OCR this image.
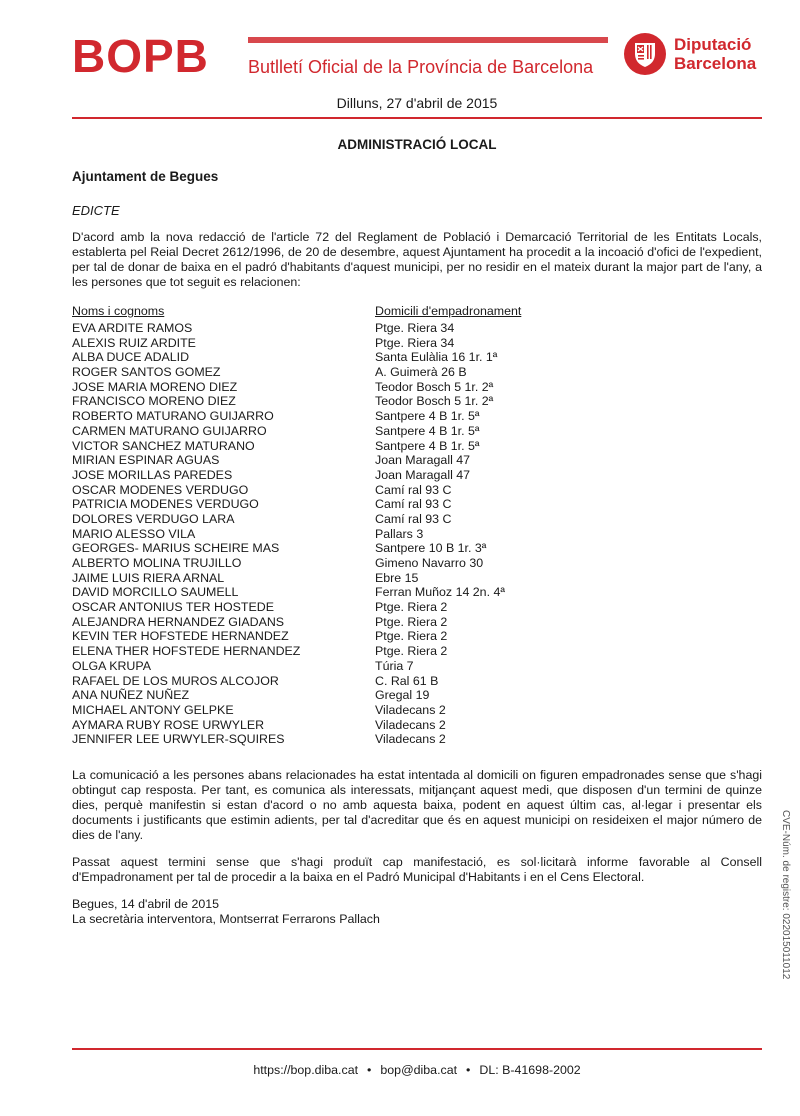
BOPB Butlletí Oficial de la Província de Barcelona
Diputació
Barcelona
Dilluns, 27 d'abril de 2015
ADMINISTRACIÓ LOCAL
Ajuntament de Begues
EDICTE
D'acord amb la nova redacció de l'article 72 del Reglament de Població i Demarcació Territorial de les Entitats Locals, establerta pel Reial Decret 2612/1996, de 20 de desembre, aquest Ajuntament ha procedit a la incoació d'ofici de l'expedient, per tal de donar de baixa en el padró d'habitants d'aquest municipi, per no residir en el mateix durant la major part de l'any, a les persones que tot seguit es relacionen:
Noms i cognoms	Domicili d'empadronament
EVA ARDITE RAMOS	Ptge. Riera 34
ALEXIS RUIZ ARDITE	Ptge. Riera 34
ALBA DUCE ADALID	Santa Eulàlia 16 1r. 1ª
ROGER SANTOS GOMEZ	A. Guimerà 26 B
JOSE MARIA MORENO DIEZ	Teodor Bosch 5 1r. 2ª
FRANCISCO MORENO DIEZ	Teodor Bosch 5 1r. 2ª
ROBERTO MATURANO GUIJARRO	Santpere 4 B 1r. 5ª
CARMEN MATURANO GUIJARRO	Santpere 4 B 1r. 5ª
VICTOR SANCHEZ MATURANO	Santpere 4 B 1r. 5ª
MIRIAN ESPINAR AGUAS	Joan Maragall 47
JOSE MORILLAS PAREDES	Joan Maragall 47
OSCAR MODENES VERDUGO	Camí ral 93 C
PATRICIA MODENES VERDUGO	Camí ral 93 C
DOLORES VERDUGO LARA	Camí ral 93 C
MARIO ALESSO VILA	Pallars 3
GEORGES- MARIUS SCHEIRE MAS	Santpere 10 B 1r. 3ª
ALBERTO MOLINA TRUJILLO	Gimeno Navarro 30
JAIME LUIS RIERA ARNAL	Ebre 15
DAVID MORCILLO SAUMELL	Ferran Muñoz 14 2n. 4ª
OSCAR ANTONIUS TER HOSTEDE	Ptge. Riera 2
ALEJANDRA HERNANDEZ GIADANS	Ptge. Riera 2
KEVIN TER HOFSTEDE HERNANDEZ	Ptge. Riera 2
ELENA THER HOFSTEDE HERNANDEZ	Ptge. Riera 2
OLGA KRUPA	Túria 7
RAFAEL DE LOS MUROS ALCOJOR	C. Ral 61 B
ANA NUÑEZ NUÑEZ	Gregal 19
MICHAEL ANTONY GELPKE	Viladecans 2
AYMARA RUBY ROSE URWYLER	Viladecans 2
JENNIFER LEE URWYLER-SQUIRES	Viladecans 2
La comunicació a les persones abans relacionades ha estat intentada al domicili on figuren empadronades sense que s'hagi obtingut cap resposta. Per tant, es comunica als interessats, mitjançant aquest medi, que disposen d'un termini de quinze dies, perquè manifestin si estan d'acord o no amb aquesta baixa, podent en aquest últim cas, al·legar i presentar els documents i justificants que estimin adients, per tal d'acreditar que és en aquest municipi on resideixen el major número de dies de l'any.
Passat aquest termini sense que s'hagi produït cap manifestació, es sol·licitarà informe favorable al Consell d'Empadronament per tal de procedir a la baixa en el Padró Municipal d'Habitants i en el Cens Electoral.
Begues, 14 d'abril de 2015
La secretària interventora, Montserrat Ferrarons Pallach	CVE-Núm. de registre: 022015011012
https://bop.diba.cat • bop@diba.cat • DL: B-41698-2002
